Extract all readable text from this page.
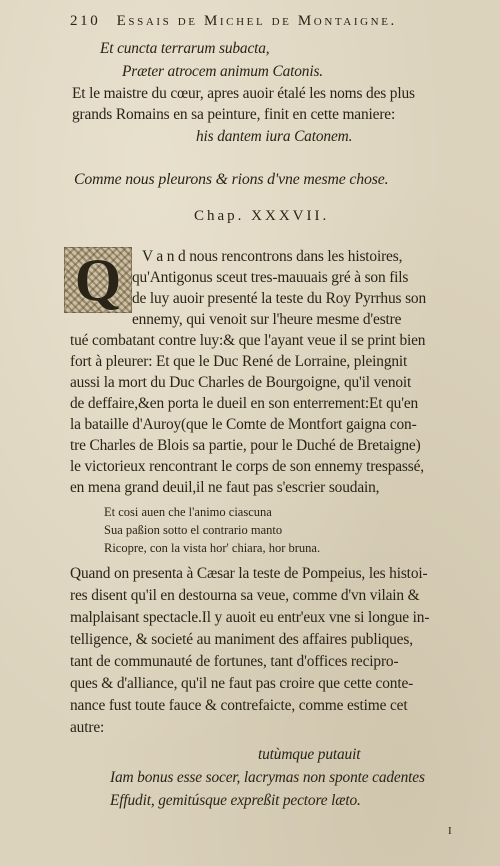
210 Essais de Michel de Montaigne.
Et cuncta terrarum subacta,
Præter atrocem animum Catonis.
Et le maistre du cœur, apres auoir étalé les noms des plus
grands Romains en sa peinture, finit en cette maniere:
his dantem iura Catonem.
Comme nous pleurons & rions d'vne mesme chose.
Chap. XXXVII.
Q	V a n d nous rencontrons dans les histoires,
qu'Antigonus sceut tres-mauuais gré à son fils
de luy auoir presenté la teste du Roy Pyrrhus son
ennemy, qui venoit sur l'heure mesme d'estre
tué combatant contre luy:& que l'ayant veue il se print bien
fort à pleurer: Et que le Duc René de Lorraine, pleingnit
aussi la mort du Duc Charles de Bourgoigne, qu'il venoit
de deffaire,&en porta le dueil en son enterrement:Et qu'en
la bataille d'Auroy(que le Comte de Montfort gaigna con-
tre Charles de Blois sa partie, pour le Duché de Bretaigne)
le victorieux rencontrant le corps de son ennemy trespassé,
en mena grand deuil,il ne faut pas s'escrier soudain,
Et cosi auen che l'animo ciascuna
Sua paßion sotto el contrario manto
Ricopre, con la vista hor' chiara, hor bruna.
Quand on presenta à Cæsar la teste de Pompeius, les histoi-
res disent qu'il en destourna sa veue, comme d'vn vilain &
malplaisant spectacle.Il y auoit eu entr'eux vne si longue in-
telligence, & societé au maniment des affaires publiques,
tant de communauté de fortunes, tant d'offices recipro-
ques & d'alliance, qu'il ne faut pas croire que cette conte-
nance fust toute fauce & contrefaicte, comme estime cet
autre:
tutùmque putauit
Iam bonus esse socer, lacrymas non sponte cadentes
Effudit, gemitúsque expreßit pectore læto.
I
